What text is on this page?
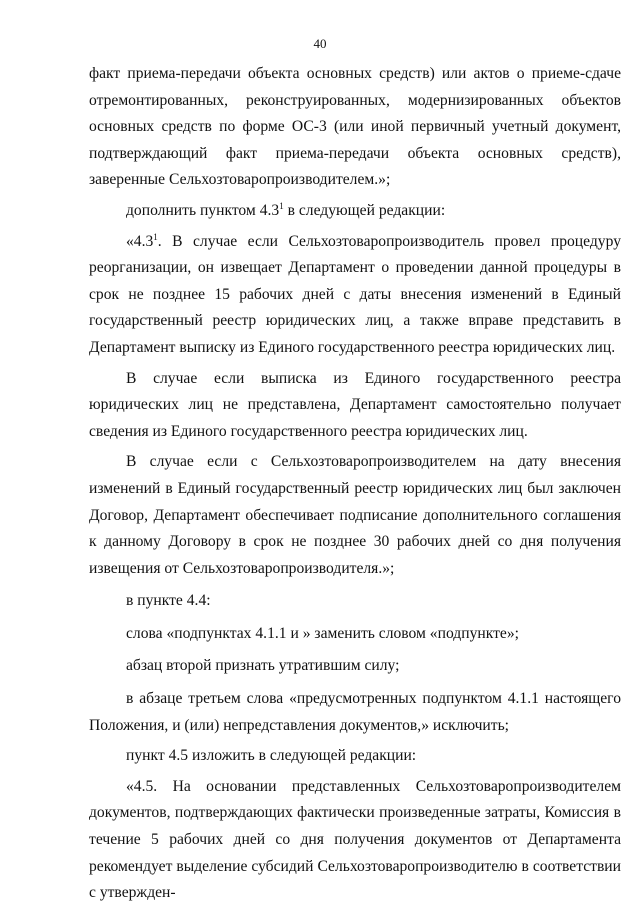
40

факт приема-передачи объекта основных средств) или актов о приеме-сдаче отремонтированных, реконструированных, модернизированных объектов основных средств по форме ОС-3 (или иной первичный учетный документ, подтверждающий факт приема-передачи объекта основных средств), заверенные Сельхозтоваропроизводителем.»;

дополнить пунктом $4.3^1$ в следующей редакции:

«$4.3^1$. В случае если Сельхозтоваропроизводитель провел процедуру реорганизации, он извещает Департамент о проведении данной процедуры в срок не позднее 15 рабочих дней с даты внесения изменений в Единый государственный реестр юридических лиц, а также вправе представить в Департамент выписку из Единого государственного реестра юридических лиц.

В случае если выписка из Единого государственного реестра юридических лиц не представлена, Департамент самостоятельно получает сведения из Единого государственного реестра юридических лиц.

В случае если с Сельхозтоваропроизводителем на дату внесения изменений в Единый государственный реестр юридических лиц был заключен Договор, Департамент обеспечивает подписание дополнительного соглашения к данному Договору в срок не позднее 30 рабочих дней со дня получения извещения от Сельхозтоваропроизводителя.»;

в пункте 4.4:

слова «подпунктах 4.1.1 и » заменить словом «подпункте»;

абзац второй признать утратившим силу;

в абзаце третьем слова «предусмотренных подпунктом 4.1.1 настоящего Положения, и (или) непредставления документов,» исключить;

пункт 4.5 изложить в следующей редакции:

«4.5. На основании представленных Сельхозтоваропроизводителем документов, подтверждающих фактически произведенные затраты, Комиссия в течение 5 рабочих дней со дня получения документов от Департамента рекомендует выделение субсидий Сельхозтоваропроизводителю в соответствии с утвержден-
